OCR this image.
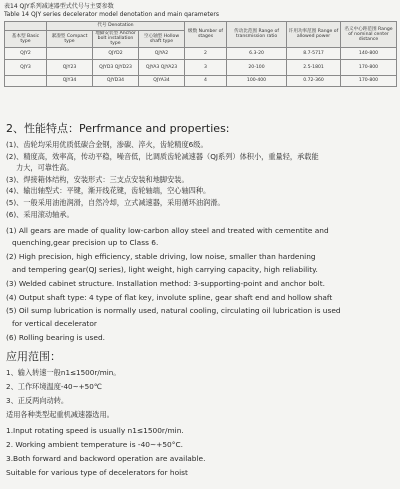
表14 QJY系列减速器型式代号与主要参数
Table 14 QJY series decelerator model denotation and main qarameters
	代号 Denotation			级数 Number of stages	传动比范围 Range of transmission ratio	许用功率范围 Range of allowed power	名义中心距范围 Range of nominal center distance
基本型 Basic type	紧凑型 Compact type	地脚安装型 Anchor bolt installation type	空心轴型 Hollow shaft type				
QJY2		QJYD2	QJYA2	2	6.3-20	8.7-5717	140-800
QJY3	QJY23	QJYD3 QJYD23	QJYA3 QJYA23	3	20-100	2.5-1801	170-800
	QJY34	QJYD34	QJYA34	4	100-400	0.72-360	170-800
2、性能特点：Perfrmance and properties:
(1)、齿轮均采用优质低碳合金钢，渗碳、淬火，齿轮精度6级。
(2)、精度高，效率高，传动平稳，噪音低，比调质齿轮减速器（QJ系列）体积小，重量轻，承载能
力大，可靠性高。
(3)、焊接箱体结构，安装形式：三支点安装和地脚安装。
(4)、输出轴型式：平键，渐开线花键，齿轮轴端，空心轴四种。
(5)、一般采用油池润滑，自然冷却，立式减速器，采用循环油润滑。
(6)、采用滚动轴承。
(1) All gears are made of quality low-carbon alloy steel and treated with cementite and
quenching,gear precision up to Class 6.
(2) High precision, high efficiency, stable driving, low noise, smaller than hardening
and tempering gear(QJ series), light weight, high carrying capacity, high reliability.
(3) Welded cabinet structure. Installation method: 3-supporting-point and anchor bolt.
(4) Output shaft type: 4 type of flat key, involute spline, gear shaft end and hollow shaft
(5) Oil sump lubrication is normally used, natural cooling, circulating oil lubrication is used
for vertical decelerator
(6) Rolling bearing is used.
应用范围：
1、输入转速一般n1≤1500r/min。
2、工作环境温度-40~+50℃
3、正反两向动转。
适用各种类型起重机减速器选用。
1.Input rotating speed is usually n1≤1500r/min.
2. Working ambient temperature is -40~+50°C.
3.Both forward and backword operation are available.
Suitable for various type of decelerators for hoist
